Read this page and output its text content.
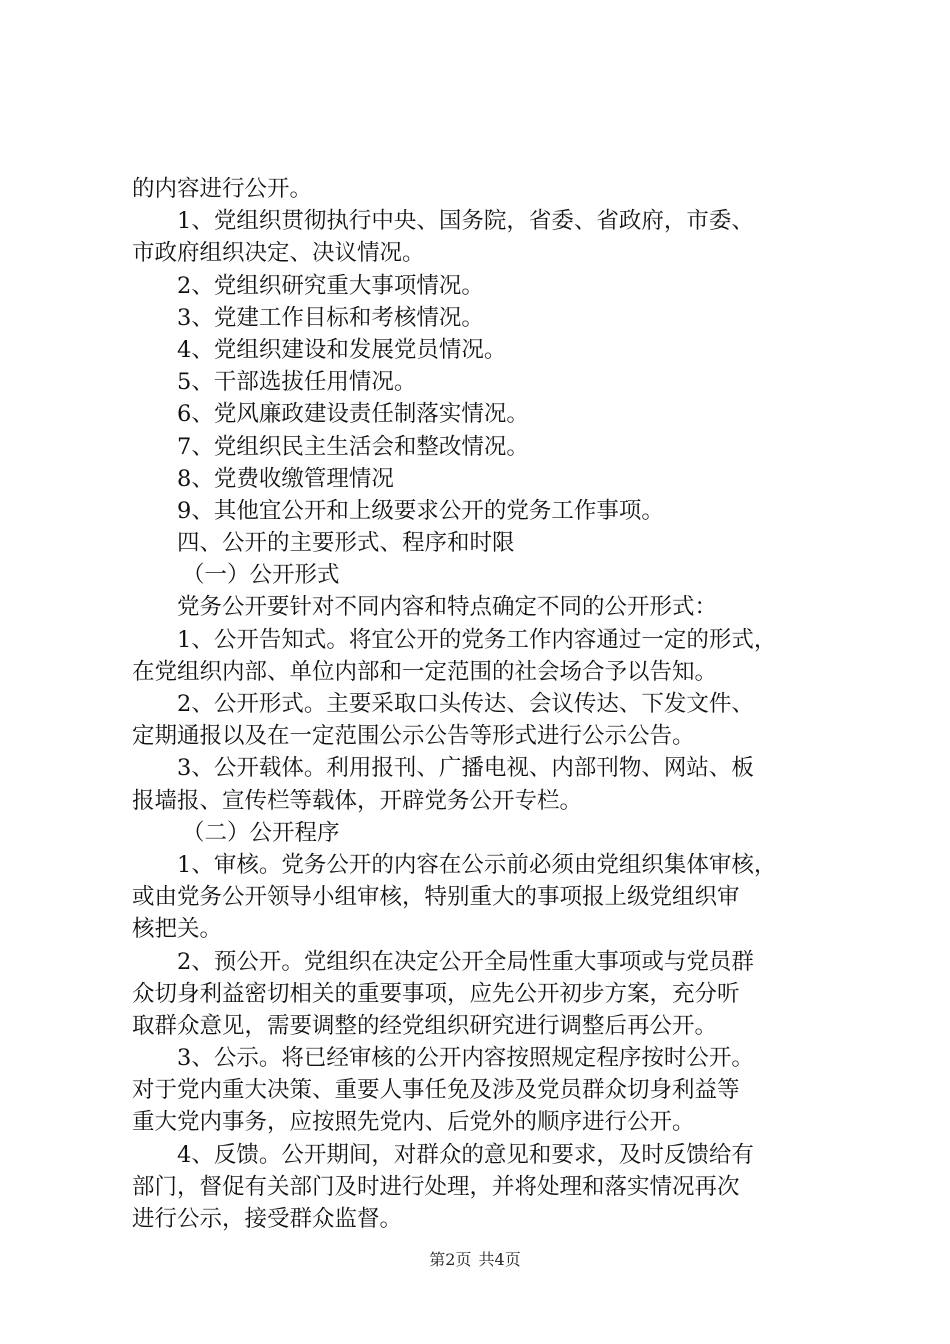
的内容进行公开。
1、党组织贯彻执行中央、国务院，省委、省政府，市委、
市政府组织决定、决议情况。
2、党组织研究重大事项情况。
3、党建工作目标和考核情况。
4、党组织建设和发展党员情况。
5、干部选拔任用情况。
6、党风廉政建设责任制落实情况。
7、党组织民主生活会和整改情况。
8、党费收缴管理情况
9、其他宜公开和上级要求公开的党务工作事项。
四、公开的主要形式、程序和时限
（一）公开形式
党务公开要针对不同内容和特点确定不同的公开形式：
1、公开告知式。将宜公开的党务工作内容通过一定的形式，
在党组织内部、单位内部和一定范围的社会场合予以告知。
2、公开形式。主要采取口头传达、会议传达、下发文件、
定期通报以及在一定范围公示公告等形式进行公示公告。
3、公开载体。利用报刊、广播电视、内部刊物、网站、板
报墙报、宣传栏等载体，开辟党务公开专栏。
（二）公开程序
1、审核。党务公开的内容在公示前必须由党组织集体审核，
或由党务公开领导小组审核，特别重大的事项报上级党组织审
核把关。
2、预公开。党组织在决定公开全局性重大事项或与党员群
众切身利益密切相关的重要事项，应先公开初步方案，充分听
取群众意见，需要调整的经党组织研究进行调整后再公开。
3、公示。将已经审核的公开内容按照规定程序按时公开。
对于党内重大决策、重要人事任免及涉及党员群众切身利益等
重大党内事务，应按照先党内、后党外的顺序进行公开。
4、反馈。公开期间，对群众的意见和要求，及时反馈给有
部门，督促有关部门及时进行处理，并将处理和落实情况再次
进行公示，接受群众监督。
第2页 共4页
